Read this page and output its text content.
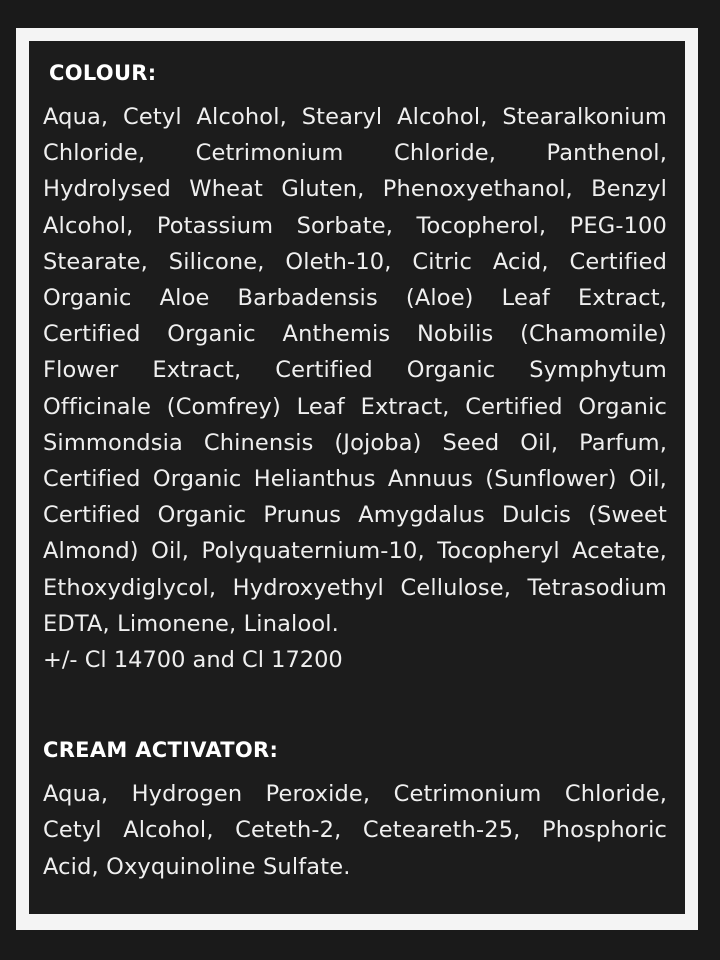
COLOUR:

Aqua, Cetyl Alcohol, Stearyl Alcohol, Stearalkonium Chloride, Cetrimonium Chloride, Panthenol, Hydrolysed Wheat Gluten, Phenoxyethanol, Benzyl Alcohol, Potassium Sorbate, Tocopherol, PEG-100 Stearate, Silicone, Oleth-10, Citric Acid, Certified Organic Aloe Barbadensis (Aloe) Leaf Extract, Certified Organic Anthemis Nobilis (Chamomile) Flower Extract, Certified Organic Symphytum Officinale (Comfrey) Leaf Extract, Certified Organic Simmondsia Chinensis (Jojoba) Seed Oil, Parfum, Certified Organic Helianthus Annuus (Sunflower) Oil, Certified Organic Prunus Amygdalus Dulcis (Sweet Almond) Oil, Polyquaternium-10, Tocopheryl Acetate, Ethoxydiglycol, Hydroxyethyl Cellulose, Tetrasodium EDTA, Limonene, Linalool.

+/- Cl 14700 and Cl 17200

CREAM ACTIVATOR:

Aqua, Hydrogen Peroxide, Cetrimonium Chloride, Cetyl Alcohol, Ceteth-2, Ceteareth-25, Phosphoric Acid, Oxyquinoline Sulfate.
